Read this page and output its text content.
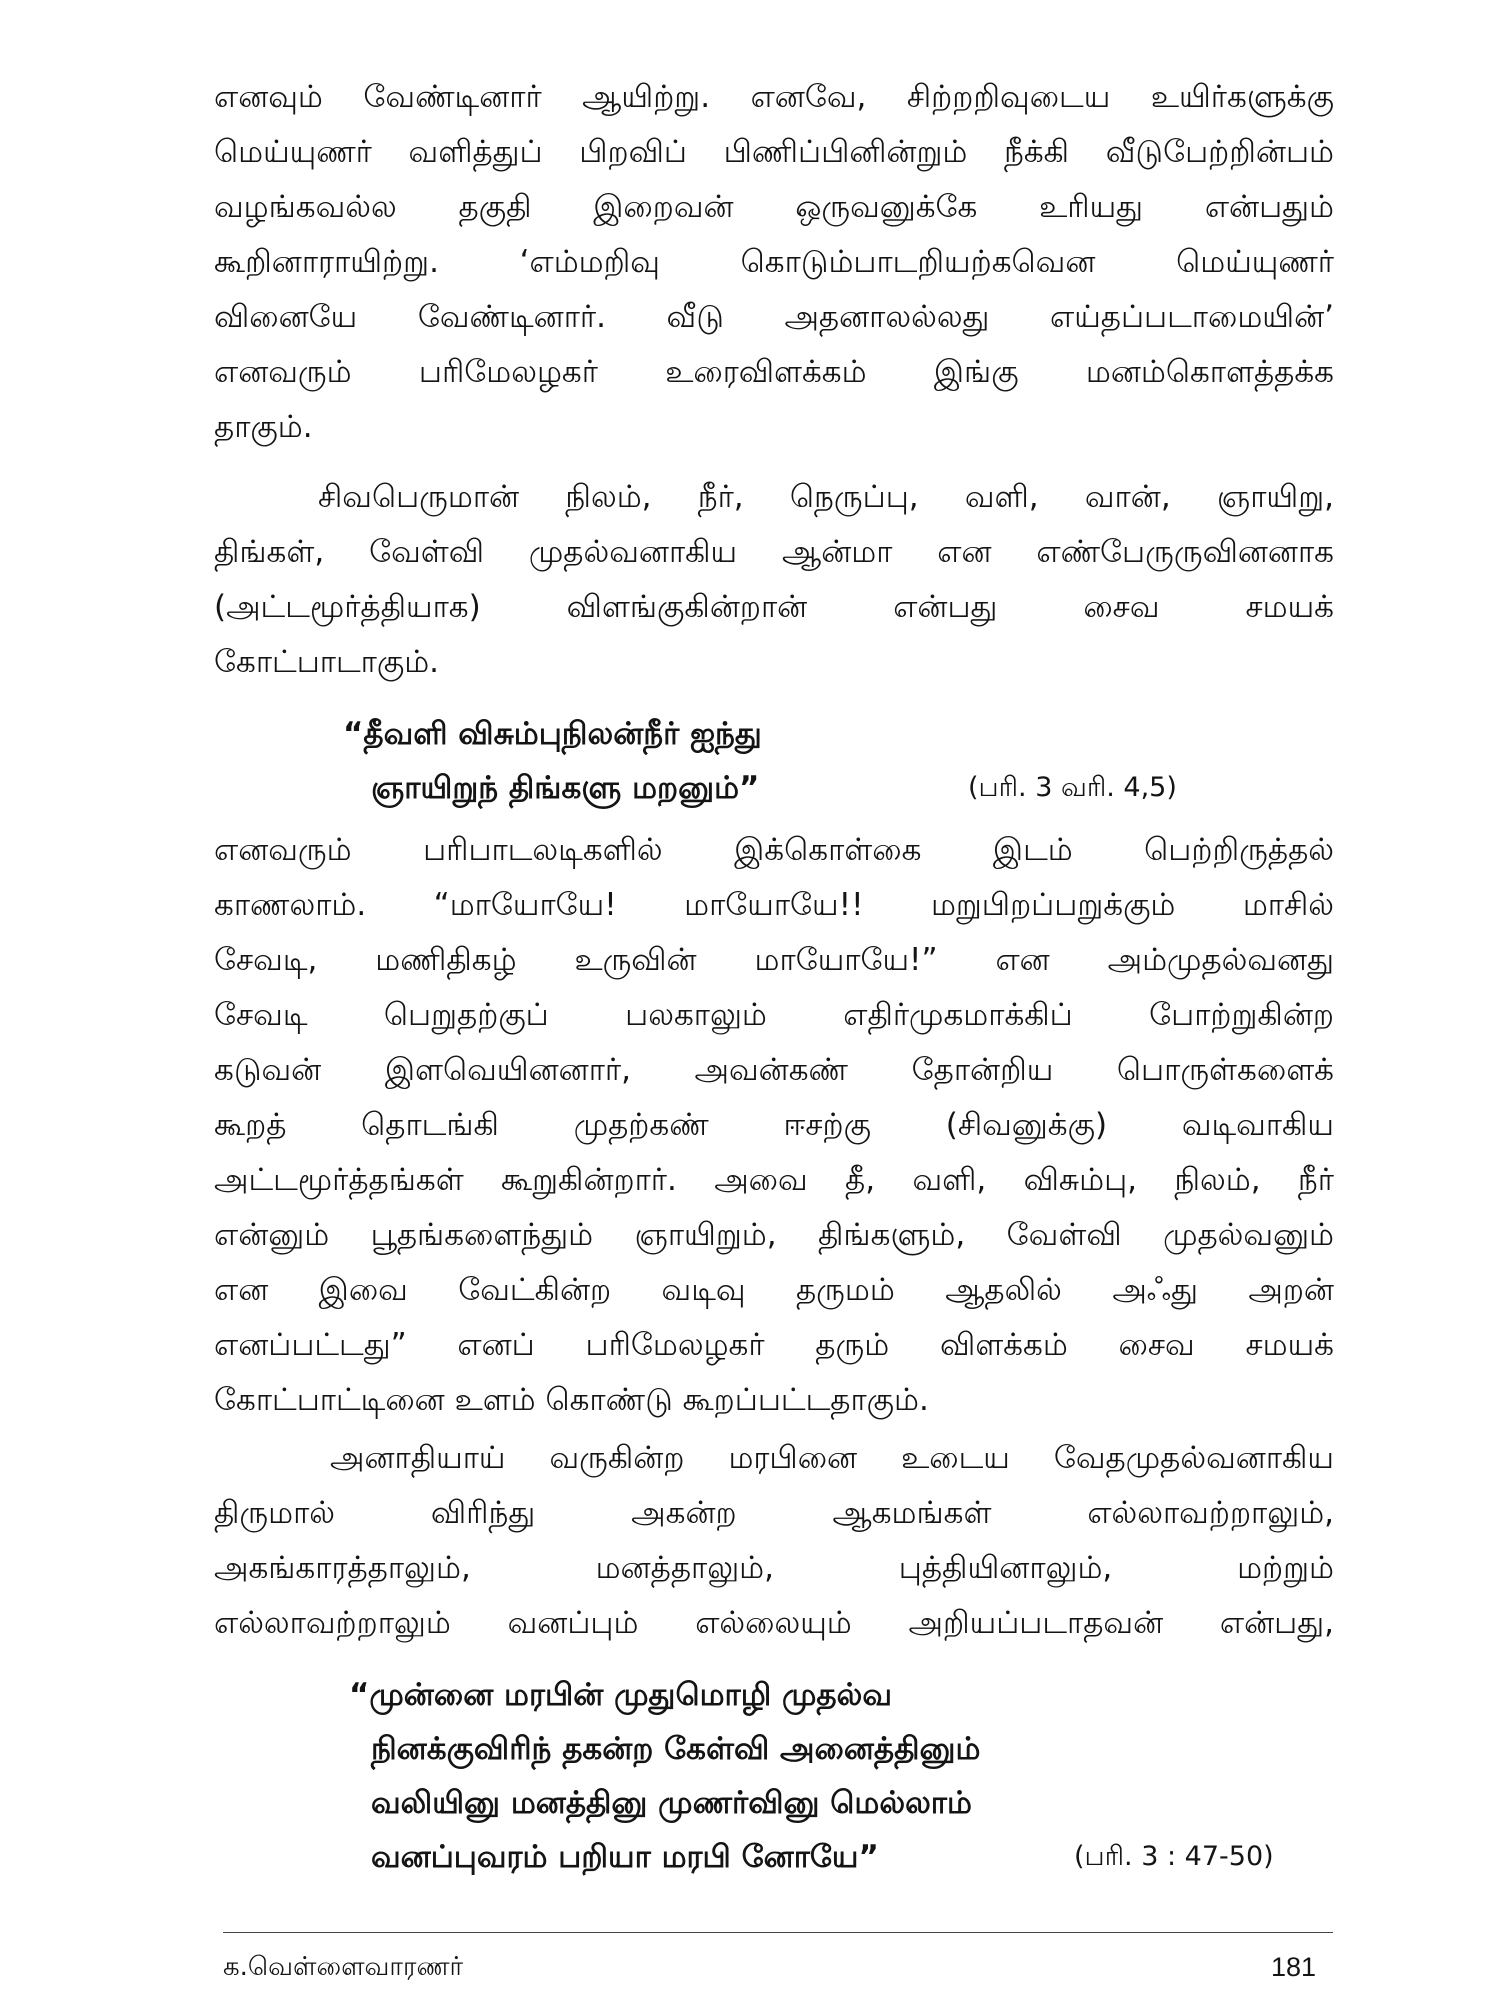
எனவும் வேண்டினார் ஆயிற்று. எனவே, சிற்றறிவுடைய உயிர்களுக்கு
மெய்யுணர் வளித்துப் பிறவிப் பிணிப்பினின்றும் நீக்கி வீடுபேற்றின்பம்
வழங்கவல்ல தகுதி இறைவன் ஒருவனுக்கே உரியது என்பதும்
கூறினாராயிற்று. ‘எம்மறிவு கொடும்பாடறியற்கவென மெய்யுணர்
வினையே வேண்டினார். வீடு அதனாலல்லது எய்தப்படாமையின்’
எனவரும் பரிமேலழகர் உரைவிளக்கம் இங்கு மனம்கொளத்தக்க
தாகும்.
சிவபெருமான் நிலம், நீர், நெருப்பு, வளி, வான், ஞாயிறு,
திங்கள், வேள்வி முதல்வனாகிய ஆன்மா என எண்பேருருவினனாக
(அட்டமூர்த்தியாக) விளங்குகின்றான் என்பது சைவ சமயக்
கோட்பாடாகும்.
“தீவளி விசும்புநிலன்நீர் ஐந்து
ஞாயிறுந் திங்களு மறனும்”	(பரி. 3 வரி. 4,5)
எனவரும் பரிபாடலடிகளில் இக்கொள்கை இடம் பெற்றிருத்தல்
காணலாம். “மாயோயே! மாயோயே!! மறுபிறப்பறுக்கும் மாசில்
சேவடி, மணிதிகழ் உருவின் மாயோயே!” என அம்முதல்வனது
சேவடி பெறுதற்குப் பலகாலும் எதிர்முகமாக்கிப் போற்றுகின்ற
கடுவன் இளவெயினனார், அவன்கண் தோன்றிய பொருள்களைக்
கூறத் தொடங்கி முதற்கண் ஈசற்கு (சிவனுக்கு) வடிவாகிய
அட்டமூர்த்தங்கள் கூறுகின்றார். அவை தீ, வளி, விசும்பு, நிலம், நீர்
என்னும் பூதங்களைந்தும் ஞாயிறும், திங்களும், வேள்வி முதல்வனும்
என இவை வேட்கின்ற வடிவு தருமம் ஆதலில் அஃது அறன்
எனப்பட்டது” எனப் பரிமேலழகர் தரும் விளக்கம் சைவ சமயக்
கோட்பாட்டினை உளம் கொண்டு கூறப்பட்டதாகும்.
அனாதியாய் வருகின்ற மரபினை உடைய வேதமுதல்வனாகிய
திருமால் விரிந்து அகன்ற ஆகமங்கள் எல்லாவற்றாலும்,
அகங்காரத்தாலும், மனத்தாலும், புத்தியினாலும், மற்றும்
எல்லாவற்றாலும் வனப்பும் எல்லையும் அறியப்படாதவன் என்பது,
“முன்னை மரபின் முதுமொழி முதல்வ
நினக்குவிரிந் தகன்ற கேள்வி அனைத்தினும்
வலியினு மனத்தினு முணர்வினு மெல்லாம்
வனப்புவரம் பறியா மரபி னோயே”	(பரி. 3 : 47-50)
க.வெள்ளைவாரணர்	181
